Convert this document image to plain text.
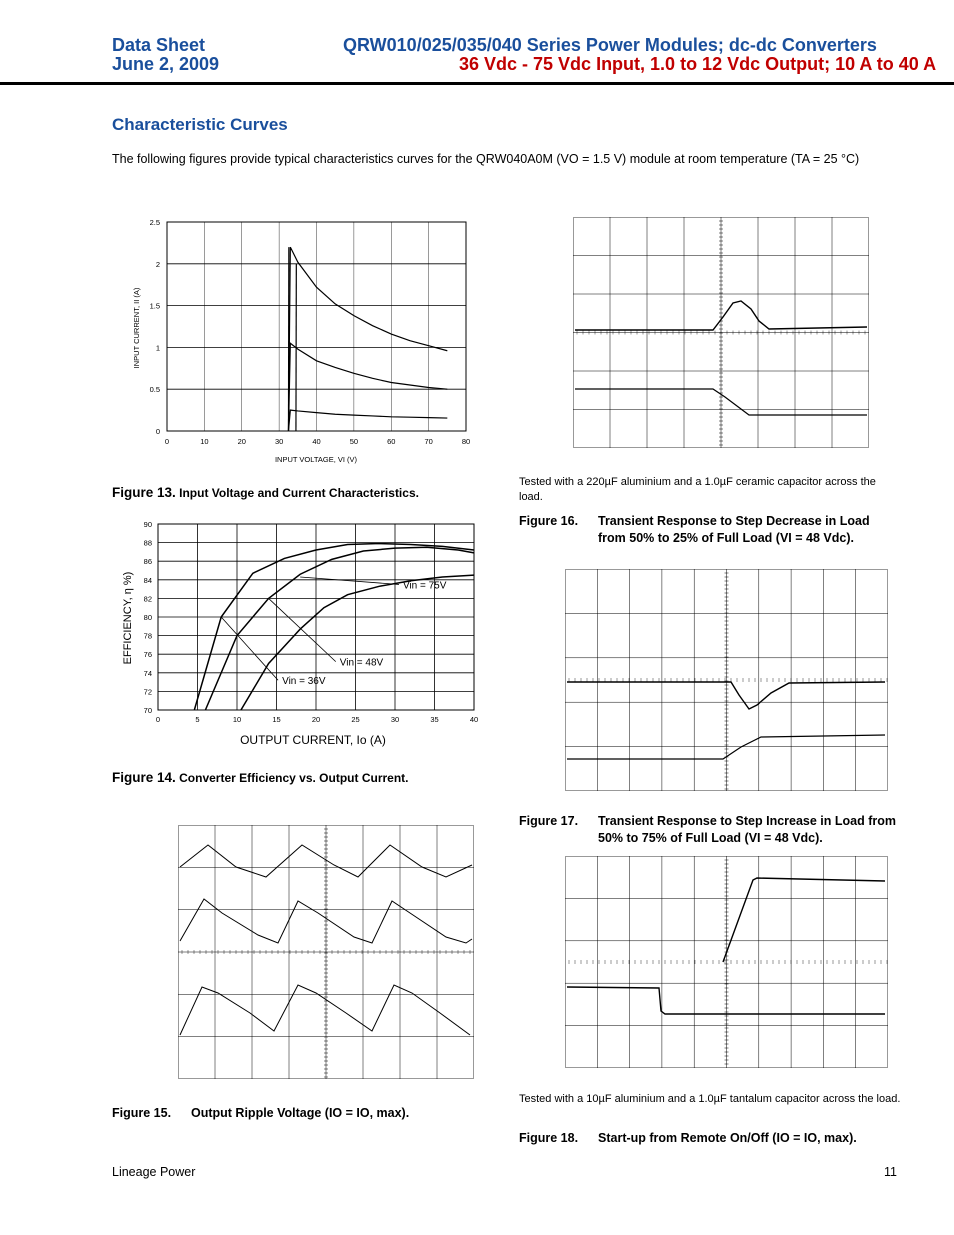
Data Sheet
June 2, 2009
QRW010/025/035/040 Series Power Modules; dc-dc Converters
36 Vdc - 75 Vdc Input, 1.0 to 12 Vdc Output; 10 A to 40 A
Characteristic Curves
The following figures provide typical characteristics curves for the QRW040A0M (VO = 1.5 V) module at room temperature (TA = 25 °C)
0	10	20	30	40	50	60	70	80
0
0.5
1
1.5
2
2.5
INPUT CURRENT, II (A)
INPUT VOLTAGE, VI (V)
Figure 13. Input Voltage and Current Characteristics.
0	5	10	15	20	25	30	35	40
70
72
74
76
78
80
82
84
86
88
90
Vin = 75V
Vin = 48V
Vin = 36V
EFFICIENCY, η %)
OUTPUT CURRENT, Io (A)
Figure 14. Converter Efficiency vs. Output Current.
Figure 15. Output Ripple Voltage (IO = IO, max).
Tested with a 220µF aluminium and a 1.0µF ceramic capacitor across the load.
Figure 16. Transient Response to Step Decrease in Load from 50% to 25% of Full Load (VI = 48 Vdc).
Figure 17. Transient Response to Step Increase in Load from 50% to 75% of Full Load (VI = 48 Vdc).
Tested with a 10µF aluminium and a 1.0µF tantalum capacitor across the load.
Figure 18. Start-up from Remote On/Off (IO = IO, max).
Lineage Power	11
